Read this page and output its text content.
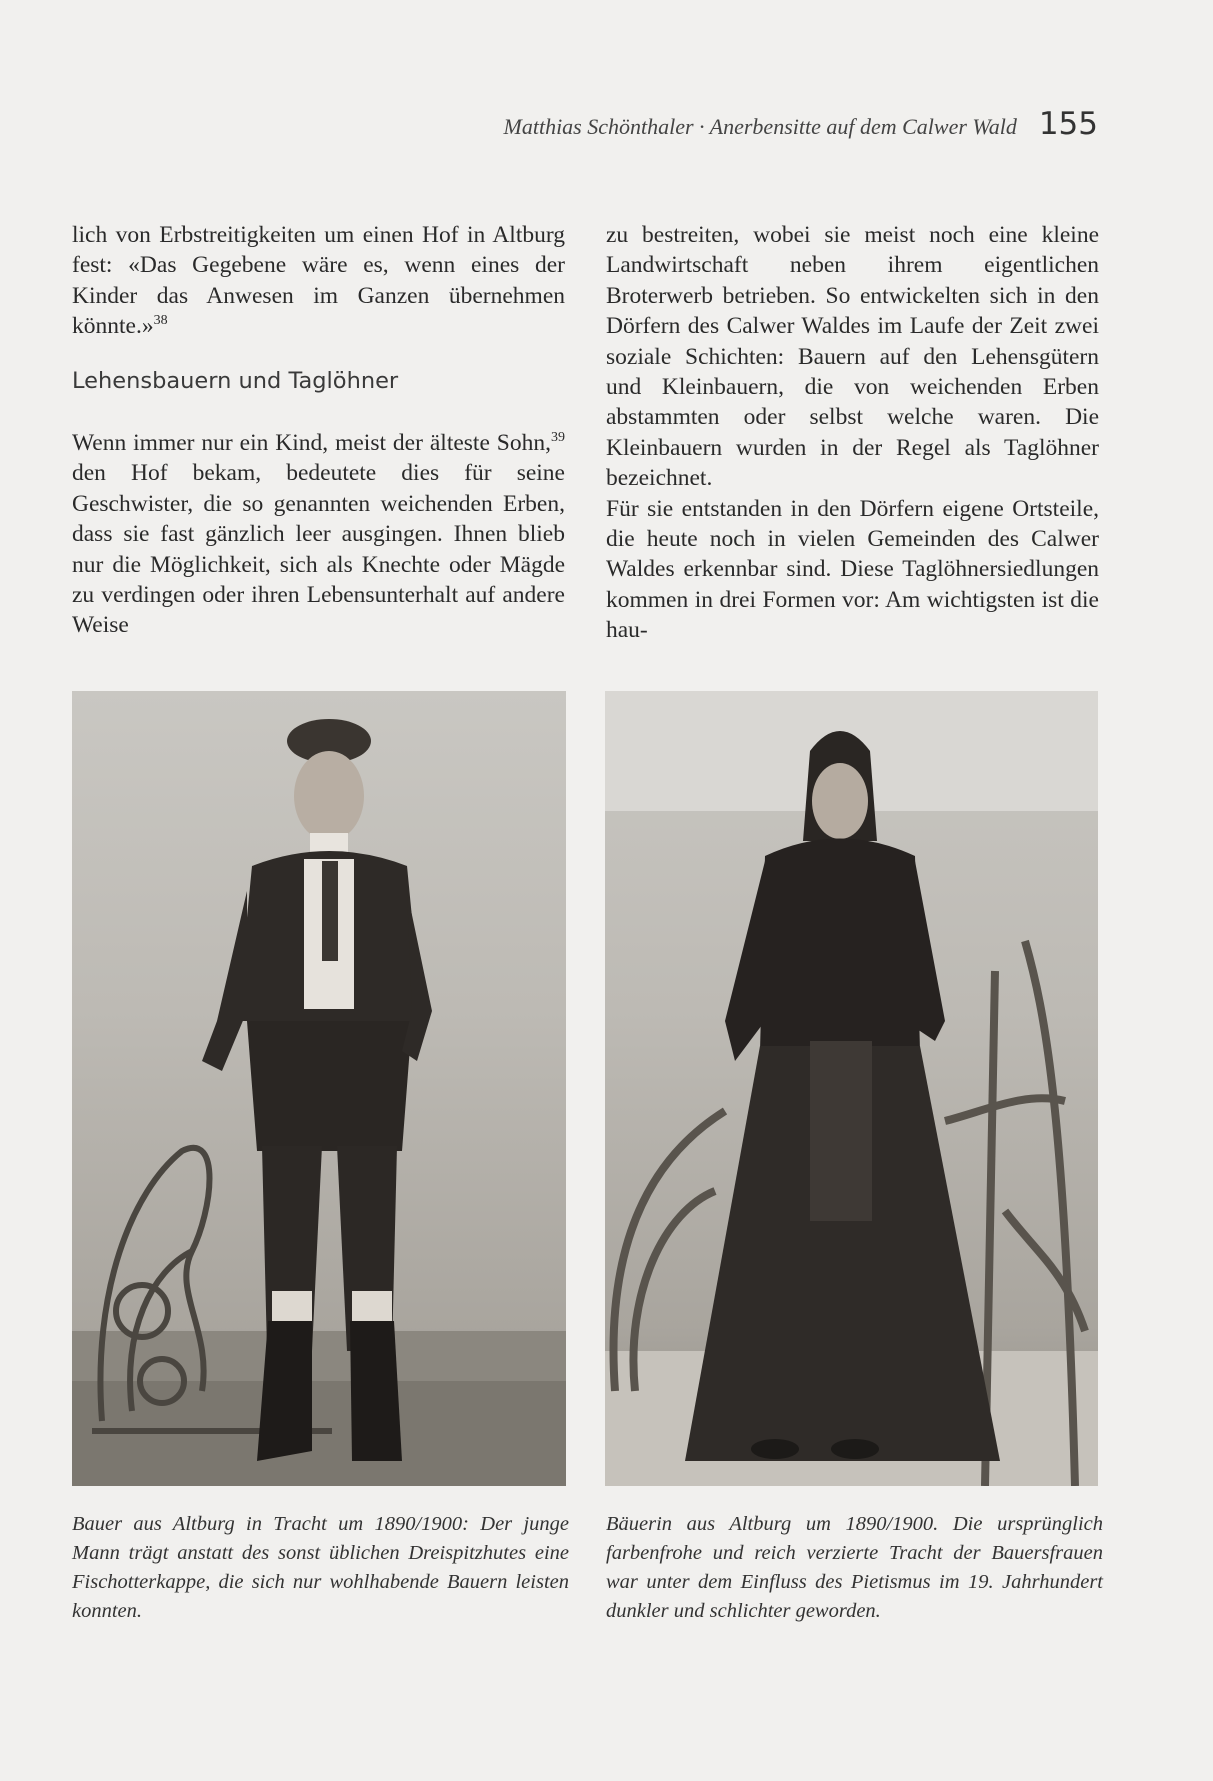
Matthias Schönthaler · Anerbensitte auf dem Calwer Wald 155

lich von Erbstreitigkeiten um einen Hof in Altburg fest: «Das Gegebene wäre es, wenn eines der Kinder das Anwesen im Ganzen übernehmen könnte.»$^{38}$

Lehensbauern und Taglöhner

Wenn immer nur ein Kind, meist der älteste Sohn,$^{39}$ den Hof bekam, bedeutete dies für seine Geschwister, die so genannten weichenden Erben, dass sie fast gänzlich leer ausgingen. Ihnen blieb nur die Möglichkeit, sich als Knechte oder Mägde zu verdingen oder ihren Lebensunterhalt auf andere Weise

zu bestreiten, wobei sie meist noch eine kleine Landwirtschaft neben ihrem eigentlichen Broterwerb betrieben. So entwickelten sich in den Dörfern des Calwer Waldes im Laufe der Zeit zwei soziale Schichten: Bauern auf den Lehensgütern und Kleinbauern, die von weichenden Erben abstammten oder selbst welche waren. Die Kleinbauern wurden in der Regel als Taglöhner bezeichnet.

Für sie entstanden in den Dörfern eigene Ortsteile, die heute noch in vielen Gemeinden des Calwer Waldes erkennbar sind. Diese Taglöhnersiedlungen kommen in drei Formen vor: Am wichtigsten ist die hau-

Bauer aus Altburg in Tracht um 1890/1900: Der junge Mann trägt anstatt des sonst üblichen Dreispitzhutes eine Fischotterkappe, die sich nur wohlhabende Bauern leisten konnten.
Bäuerin aus Altburg um 1890/1900. Die ursprünglich farbenfrohe und reich verzierte Tracht der Bauersfrauen war unter dem Einfluss des Pietismus im 19. Jahrhundert dunkler und schlichter geworden.
